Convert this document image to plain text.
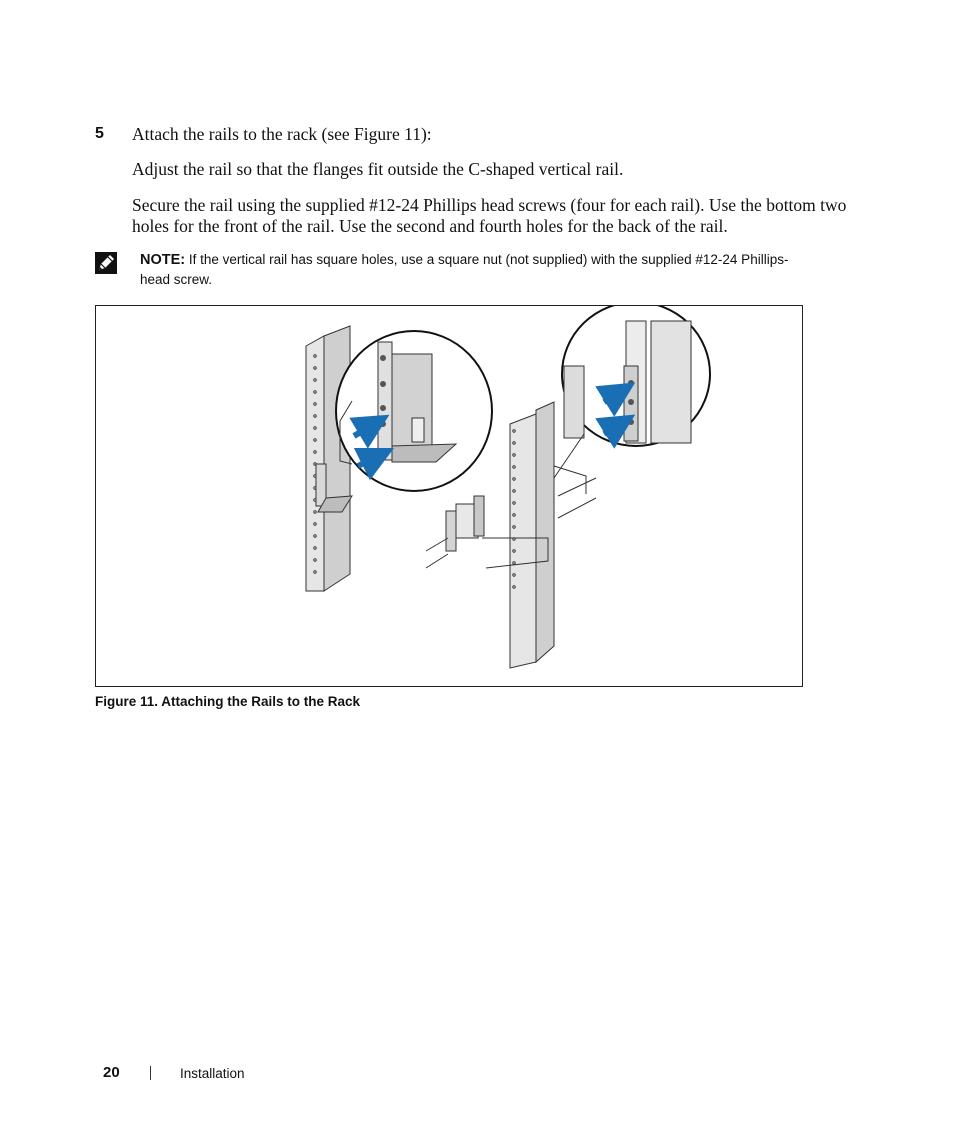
5 Attach the rails to the rack (see Figure 11):
Adjust the rail so that the flanges fit outside the C-shaped vertical rail.
Secure the rail using the supplied #12-24 Phillips head screws (four for each rail). Use the bottom two holes for the front of the rail. Use the second and fourth holes for the back of the rail.
NOTE: If the vertical rail has square holes, use a square nut (not supplied) with the supplied #12-24 Phillips-head screw.
Figure 11. Attaching the Rails to the Rack
20	Installation
